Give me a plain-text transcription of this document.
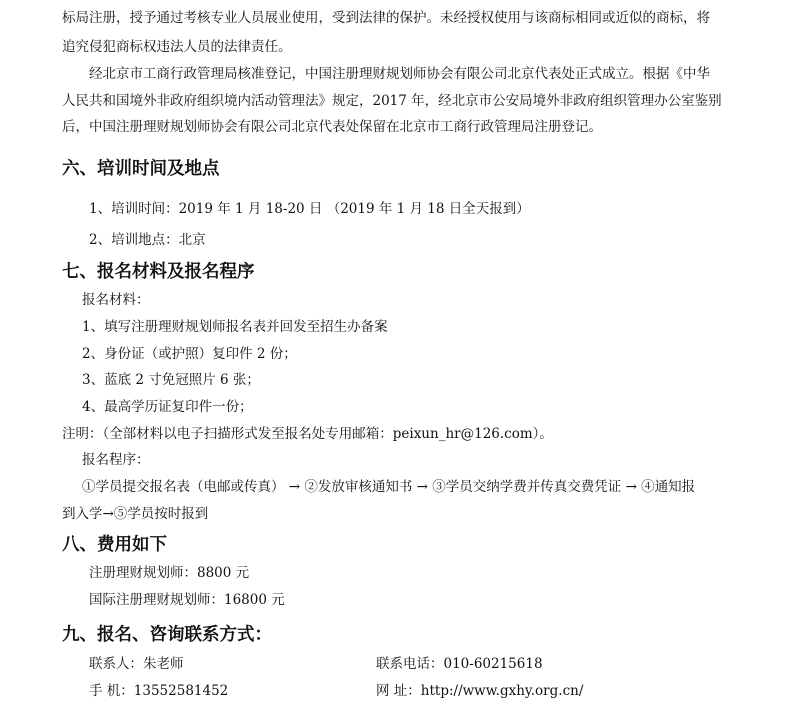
标局注册，授予通过考核专业人员展业使用，受到法律的保护。未经授权使用与该商标相同或近似的商标，将
追究侵犯商标权违法人员的法律责任。
经北京市工商行政管理局核准登记，中国注册理财规划师协会有限公司北京代表处正式成立。根据《中华
人民共和国境外非政府组织境内活动管理法》规定，2017 年，经北京市公安局境外非政府组织管理办公室鉴别
后，中国注册理财规划师协会有限公司北京代表处保留在北京市工商行政管理局注册登记。
六、培训时间及地点
1、培训时间：2019 年 1 月 18-20 日 （2019 年 1 月 18 日全天报到）
2、培训地点：北京
七、报名材料及报名程序
报名材料：
1、填写注册理财规划师报名表并回发至招生办备案
2、身份证（或护照）复印件 2 份；
3、蓝底 2 寸免冠照片 6 张；
4、最高学历证复印件一份；
注明：（全部材料以电子扫描形式发至报名处专用邮箱：peixun_hr@126.com）。
报名程序：
①学员提交报名表（电邮或传真） → ②发放审核通知书 → ③学员交纳学费并传真交费凭证 → ④通知报
到入学→⑤学员按时报到
八、费用如下
注册理财规划师：8800 元
国际注册理财规划师：16800 元
九、报名、咨询联系方式：
联系人：朱老师	联系电话：010-60215618
手 机：13552581452	网 址：http://www.gxhy.org.cn/
